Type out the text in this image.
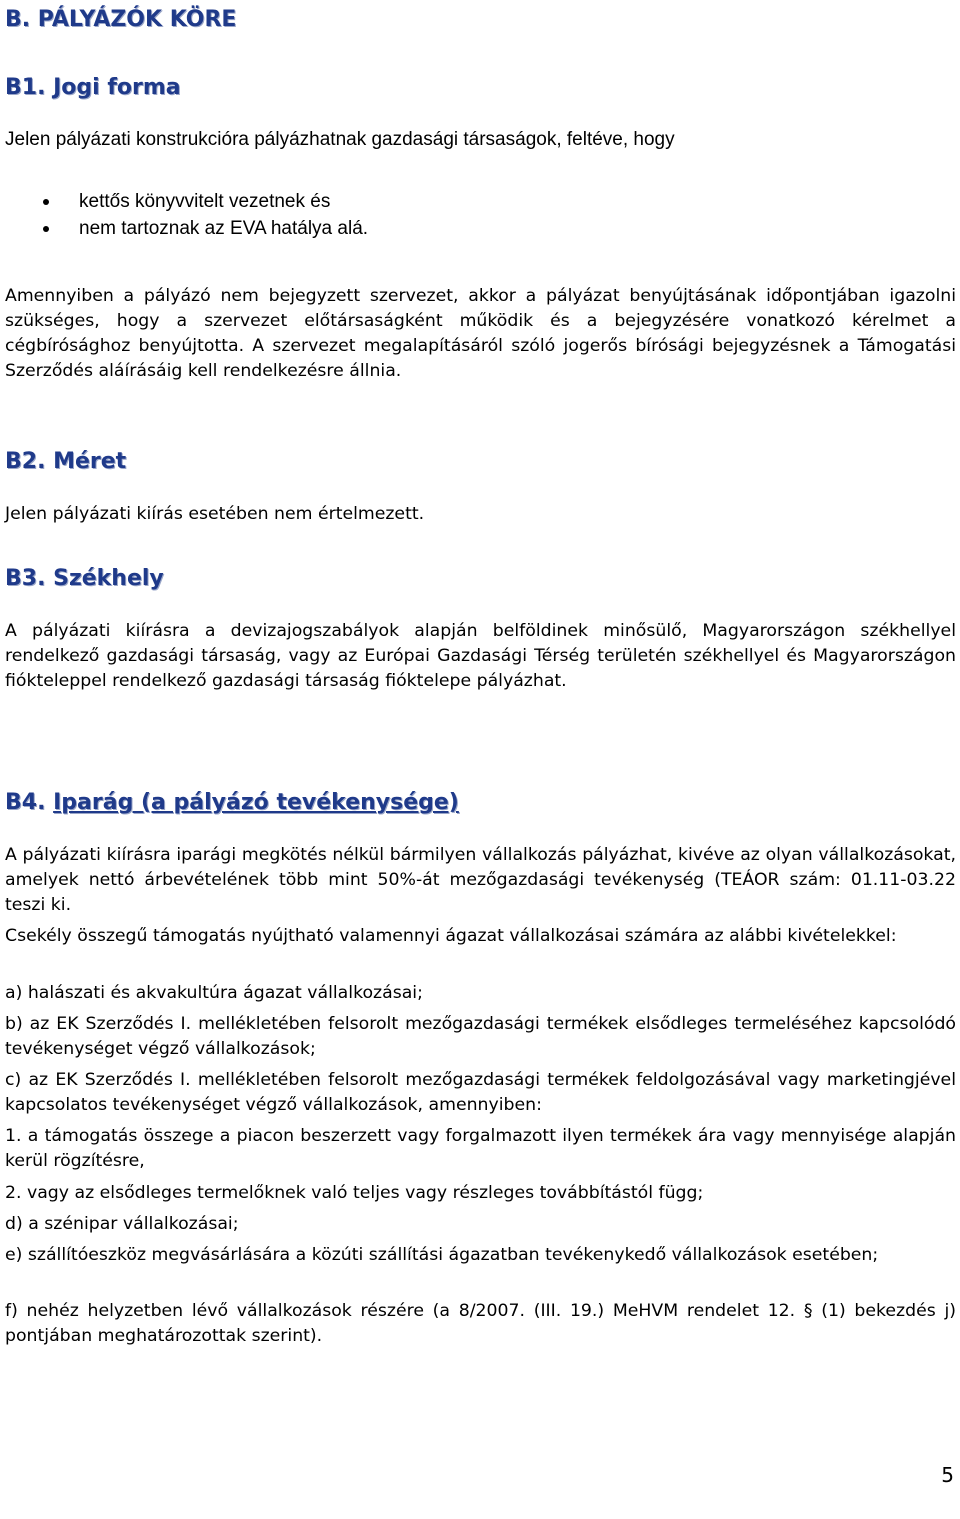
B. PÁLYÁZÓK KÖRE
B1. Jogi forma

Jelen pályázati konstrukcióra pályázhatnak gazdasági társaságok, feltéve, hogy

kettős könyvvitelt vezetnek és
nem tartoznak az EVA hatálya alá.

Amennyiben a pályázó nem bejegyzett szervezet, akkor a pályázat benyújtásának időpontjában igazolni szükséges, hogy a szervezet előtársaságként működik és a bejegyzésére vonatkozó kérelmet a cégbírósághoz benyújtotta. A szervezet megalapításáról szóló jogerős bírósági bejegyzésnek a Támogatási Szerződés aláírásáig kell rendelkezésre állnia.

B2. Méret

Jelen pályázati kiírás esetében nem értelmezett.

B3. Székhely

A pályázati kiírásra a devizajogszabályok alapján belföldinek minősülő, Magyarországon székhellyel rendelkező gazdasági társaság, vagy az Európai Gazdasági Térség területén székhellyel és Magyarországon fiókteleppel rendelkező gazdasági társaság fióktelepe pályázhat.

B4. Iparág (a pályázó tevékenysége)

A pályázati kiírásra iparági megkötés nélkül bármilyen vállalkozás pályázhat, kivéve az olyan vállalkozásokat, amelyek nettó árbevételének több mint 50%-át mezőgazdasági tevékenység (TEÁOR szám: 01.11-03.22 teszi ki.

Csekély összegű támogatás nyújtható valamennyi ágazat vállalkozásai számára az alábbi kivételekkel:

a) halászati és akvakultúra ágazat vállalkozásai;

b) az EK Szerződés I. mellékletében felsorolt mezőgazdasági termékek elsődleges termeléséhez kapcsolódó tevékenységet végző vállalkozások;

c) az EK Szerződés I. mellékletében felsorolt mezőgazdasági termékek feldolgozásával vagy marketingjével kapcsolatos tevékenységet végző vállalkozások, amennyiben:

1. a támogatás összege a piacon beszerzett vagy forgalmazott ilyen termékek ára vagy mennyisége alapján kerül rögzítésre,

2. vagy az elsődleges termelőknek való teljes vagy részleges továbbítástól függ;

d) a szénipar vállalkozásai;

e) szállítóeszköz megvásárlására a közúti szállítási ágazatban tevékenykedő vállalkozások esetében;

f) nehéz helyzetben lévő vállalkozások részére (a 8/2007. (III. 19.) MeHVM rendelet 12. § (1) bekezdés j) pontjában meghatározottak szerint).

5
